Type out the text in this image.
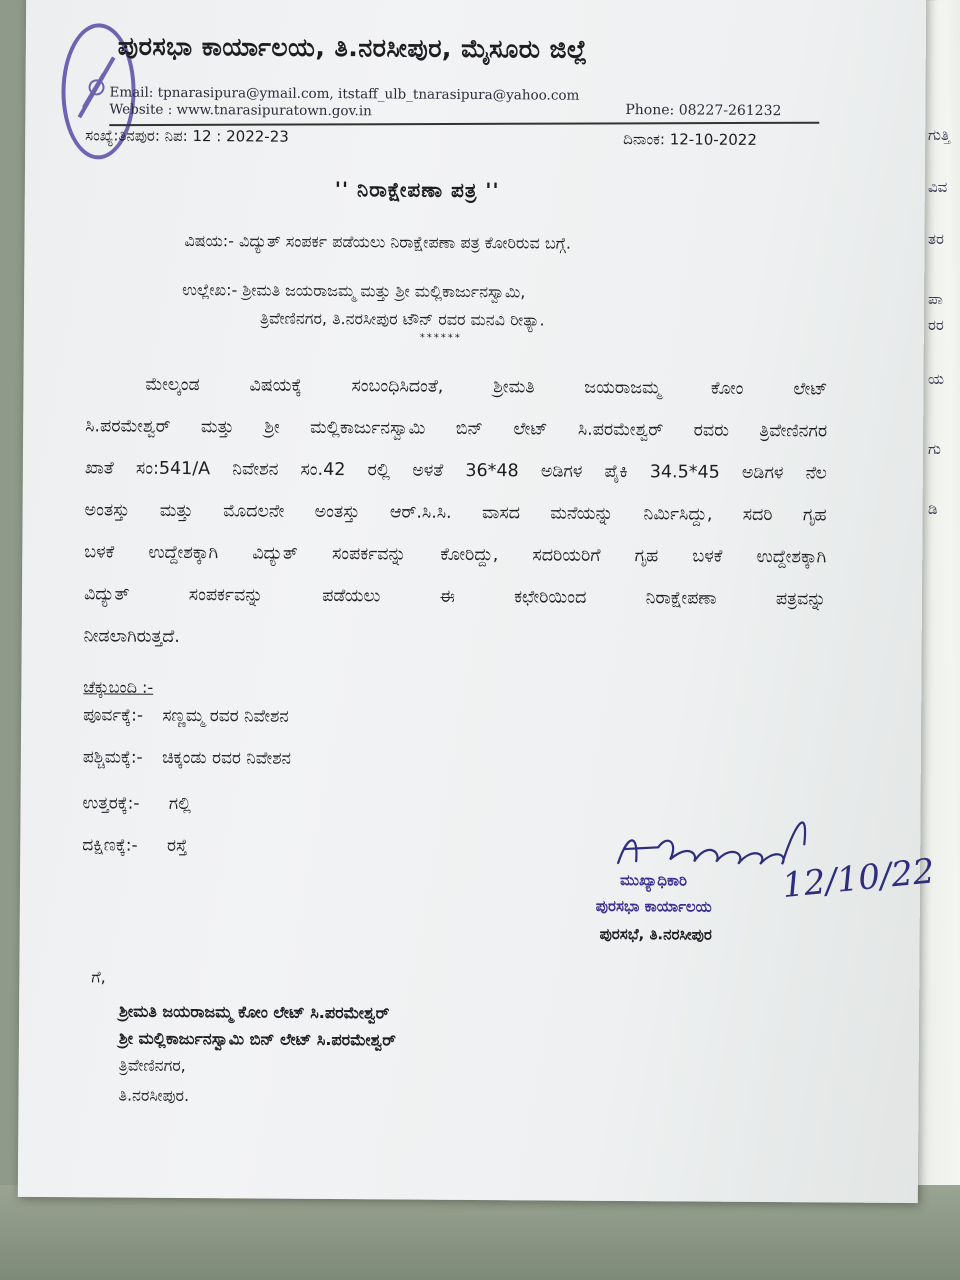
ಗುತ್ತಿ
ವಿವ
ತರ
ಪಾ
ರರ
ಯ
ಗು
ಡಿ
ಪುರಸಭಾ ಕಾರ್ಯಾಲಯ, ತಿ.ನರಸೀಪುರ, ಮೈಸೂರು ಜಿಲ್ಲೆ
Email: tpnarasipura@ymail.com, itstaff_ulb_tnarasipura@yahoo.com
Website : www.tnarasipuratown.gov.in	Phone: 08227-261232
ಸಂಖ್ಯೆ:ತಿನಪುರ: ನಿಪ: 12 : 2022-23	ದಿನಾಂಕ: 12-10-2022
'' ನಿರಾಕ್ಷೇಪಣಾ ಪತ್ರ ''
ವಿಷಯ:- ವಿದ್ಯುತ್ ಸಂಪರ್ಕ ಪಡೆಯಲು ನಿರಾಕ್ಷೇಪಣಾ ಪತ್ರ ಕೋರಿರುವ ಬಗ್ಗೆ.
ಉಲ್ಲೇಖ:- ಶ್ರೀಮತಿ ಜಯರಾಜಮ್ಮ ಮತ್ತು ಶ್ರೀ ಮಲ್ಲಿಕಾರ್ಜುನಸ್ವಾಮಿ,
ತ್ರಿವೇಣಿನಗರ, ತಿ.ನರಸೀಪುರ ಟೌನ್ ರವರ ಮನವಿ ರೀತ್ಯಾ.
******
ಮೇಲ್ಕಂಡ ವಿಷಯಕ್ಕೆ ಸಂಬಂಧಿಸಿದಂತೆ, ಶ್ರೀಮತಿ ಜಯರಾಜಮ್ಮ ಕೋಂ ಲೇಟ್
ಸಿ.ಪರಮೇಶ್ವರ್ ಮತ್ತು ಶ್ರೀ ಮಲ್ಲಿಕಾರ್ಜುನಸ್ವಾಮಿ ಬಿನ್ ಲೇಟ್ ಸಿ.ಪರಮೇಶ್ವರ್ ರವರು ತ್ರಿವೇಣಿನಗರ
ಖಾತೆ ಸಂ:541/A ನಿವೇಶನ ಸಂ.42 ರಲ್ಲಿ ಅಳತೆ 36*48 ಅಡಿಗಳ ಪೈಕಿ 34.5*45 ಅಡಿಗಳ ನೆಲ
ಅಂತಸ್ತು ಮತ್ತು ಮೊದಲನೇ ಅಂತಸ್ತು ಆರ್.ಸಿ.ಸಿ. ವಾಸದ ಮನೆಯನ್ನು ನಿರ್ಮಿಸಿದ್ದು, ಸದರಿ ಗೃಹ
ಬಳಕೆ ಉದ್ದೇಶಕ್ಕಾಗಿ ವಿದ್ಯುತ್ ಸಂಪರ್ಕವನ್ನು ಕೋರಿದ್ದು, ಸದರಿಯರಿಗೆ ಗೃಹ ಬಳಕೆ ಉದ್ದೇಶಕ್ಕಾಗಿ
ವಿದ್ಯುತ್ ಸಂಪರ್ಕವನ್ನು ಪಡೆಯಲು ಈ ಕಛೇರಿಯಿಂದ ನಿರಾಕ್ಷೇಪಣಾ ಪತ್ರವನ್ನು
ನೀಡಲಾಗಿರುತ್ತದೆ.
ಚೆಕ್ಕುಬಂದಿ :-
ಪೂರ್ವಕ್ಕೆ:- ಸಣ್ಣಮ್ಮ ರವರ ನಿವೇಶನ
ಪಶ್ಚಿಮಕ್ಕೆ:- ಚಿಕ್ಕಂಡು ರವರ ನಿವೇಶನ
ಉತ್ತರಕ್ಕೆ:- ಗಲ್ಲಿ
ದಕ್ಷಿಣಕ್ಕೆ:- ರಸ್ತೆ
ಮುಖ್ಯಾಧಿಕಾರಿ
ಪುರಸಭಾ ಕಾರ್ಯಾಲಯ
ಪುರಸಭೆ, ತಿ.ನರಸೀಪುರ
12/10/22
ಗೆ,
ಶ್ರೀಮತಿ ಜಯರಾಜಮ್ಮ ಕೋಂ ಲೇಟ್ ಸಿ.ಪರಮೇಶ್ವರ್
ಶ್ರೀ ಮಲ್ಲಿಕಾರ್ಜುನಸ್ವಾಮಿ ಬಿನ್ ಲೇಟ್ ಸಿ.ಪರಮೇಶ್ವರ್
ತ್ರಿವೇಣಿನಗರ,
ತಿ.ನರಸೀಪುರ.
